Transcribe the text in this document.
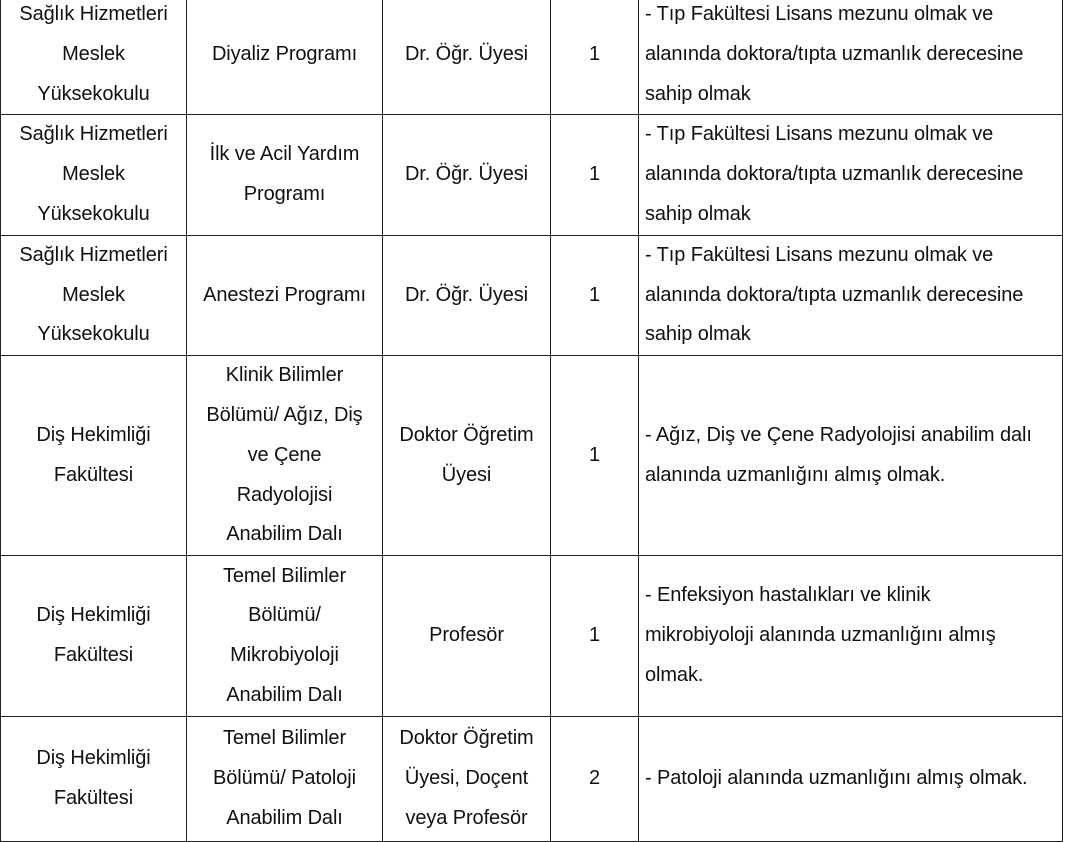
Sağlık Hizmetleri
Meslek
Yüksekokulu	Diyaliz Programı	Dr. Öğr. Üyesi	1	- Tıp Fakültesi Lisans mezunu olmak ve
alanında doktora/tıpta uzmanlık derecesine
sahip olmak
Sağlık Hizmetleri
Meslek
Yüksekokulu	İlk ve Acil Yardım
Programı	Dr. Öğr. Üyesi	1	- Tıp Fakültesi Lisans mezunu olmak ve
alanında doktora/tıpta uzmanlık derecesine
sahip olmak
Sağlık Hizmetleri
Meslek
Yüksekokulu	Anestezi Programı	Dr. Öğr. Üyesi	1	- Tıp Fakültesi Lisans mezunu olmak ve
alanında doktora/tıpta uzmanlık derecesine
sahip olmak
Diş Hekimliği
Fakültesi	Klinik Bilimler
Bölümü/ Ağız, Diş
ve Çene
Radyolojisi
Anabilim Dalı	Doktor Öğretim
Üyesi	1	- Ağız, Diş ve Çene Radyolojisi anabilim dalı
alanında uzmanlığını almış olmak.
Diş Hekimliği
Fakültesi	Temel Bilimler
Bölümü/
Mikrobiyoloji
Anabilim Dalı	Profesör	1	- Enfeksiyon hastalıkları ve klinik
mikrobiyoloji alanında uzmanlığını almış
olmak.
Diş Hekimliği
Fakültesi	Temel Bilimler
Bölümü/ Patoloji
Anabilim Dalı	Doktor Öğretim
Üyesi, Doçent
veya Profesör	2	- Patoloji alanında uzmanlığını almış olmak.
